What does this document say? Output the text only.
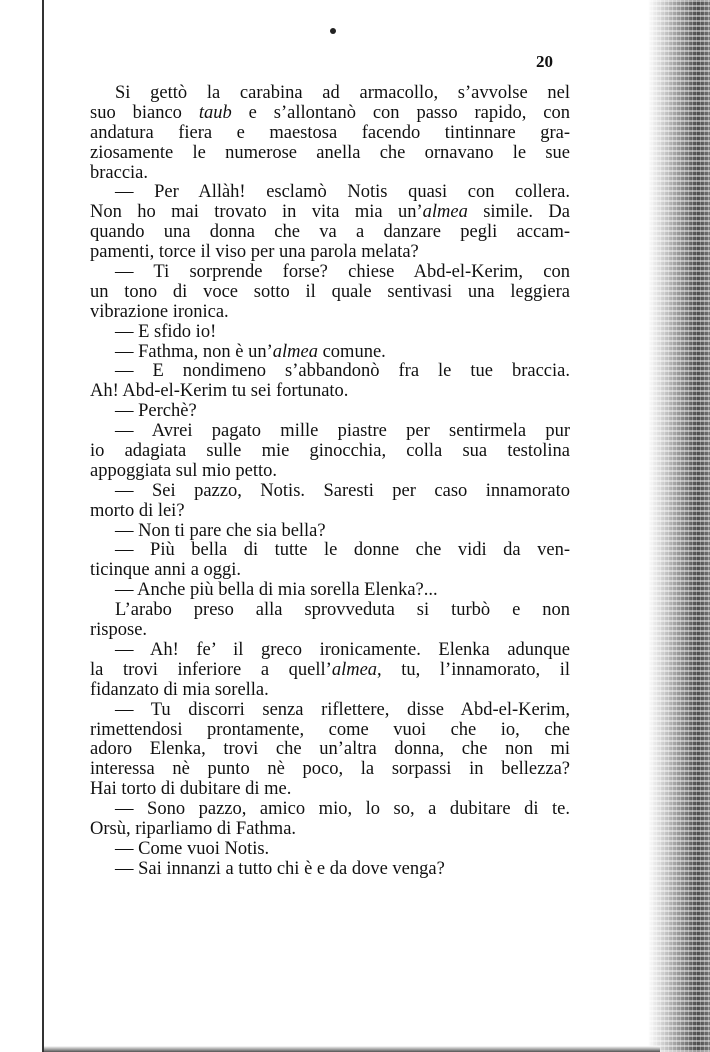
20
Si gettò la carabina ad armacollo, s’avvolse nel
suo bianco taub e s’allontanò con passo rapido, con
andatura fiera e maestosa facendo tintinnare gra-
ziosamente le numerose anella che ornavano le sue
braccia.
— Per Allàh! esclamò Notis quasi con collera.
Non ho mai trovato in vita mia un’almea simile. Da
quando una donna che va a danzare pegli accam-
pamenti, torce il viso per una parola melata?
— Ti sorprende forse? chiese Abd-el-Kerim, con
un tono di voce sotto il quale sentivasi una leggiera
vibrazione ironica.
— E sfido io!
— Fathma, non è un’almea comune.
— E nondimeno s’abbandonò fra le tue braccia.
Ah! Abd-el-Kerim tu sei fortunato.
— Perchè?
— Avrei pagato mille piastre per sentirmela pur
io adagiata sulle mie ginocchia, colla sua testolina
appoggiata sul mio petto.
— Sei pazzo, Notis. Saresti per caso innamorato
morto di lei?
— Non ti pare che sia bella?
— Più bella di tutte le donne che vidi da ven-
ticinque anni a oggi.
— Anche più bella di mia sorella Elenka?...
L’arabo preso alla sprovveduta si turbò e non
rispose.
— Ah! fe’ il greco ironicamente. Elenka adunque
la trovi inferiore a quell’almea, tu, l’innamorato, il
fidanzato di mia sorella.
— Tu discorri senza riflettere, disse Abd-el-Kerim,
rimettendosi prontamente, come vuoi che io, che
adoro Elenka, trovi che un’altra donna, che non mi
interessa nè punto nè poco, la sorpassi in bellezza?
Hai torto di dubitare di me.
— Sono pazzo, amico mio, lo so, a dubitare di te.
Orsù, riparliamo di Fathma.
— Come vuoi Notis.
— Sai innanzi a tutto chi è e da dove venga?
